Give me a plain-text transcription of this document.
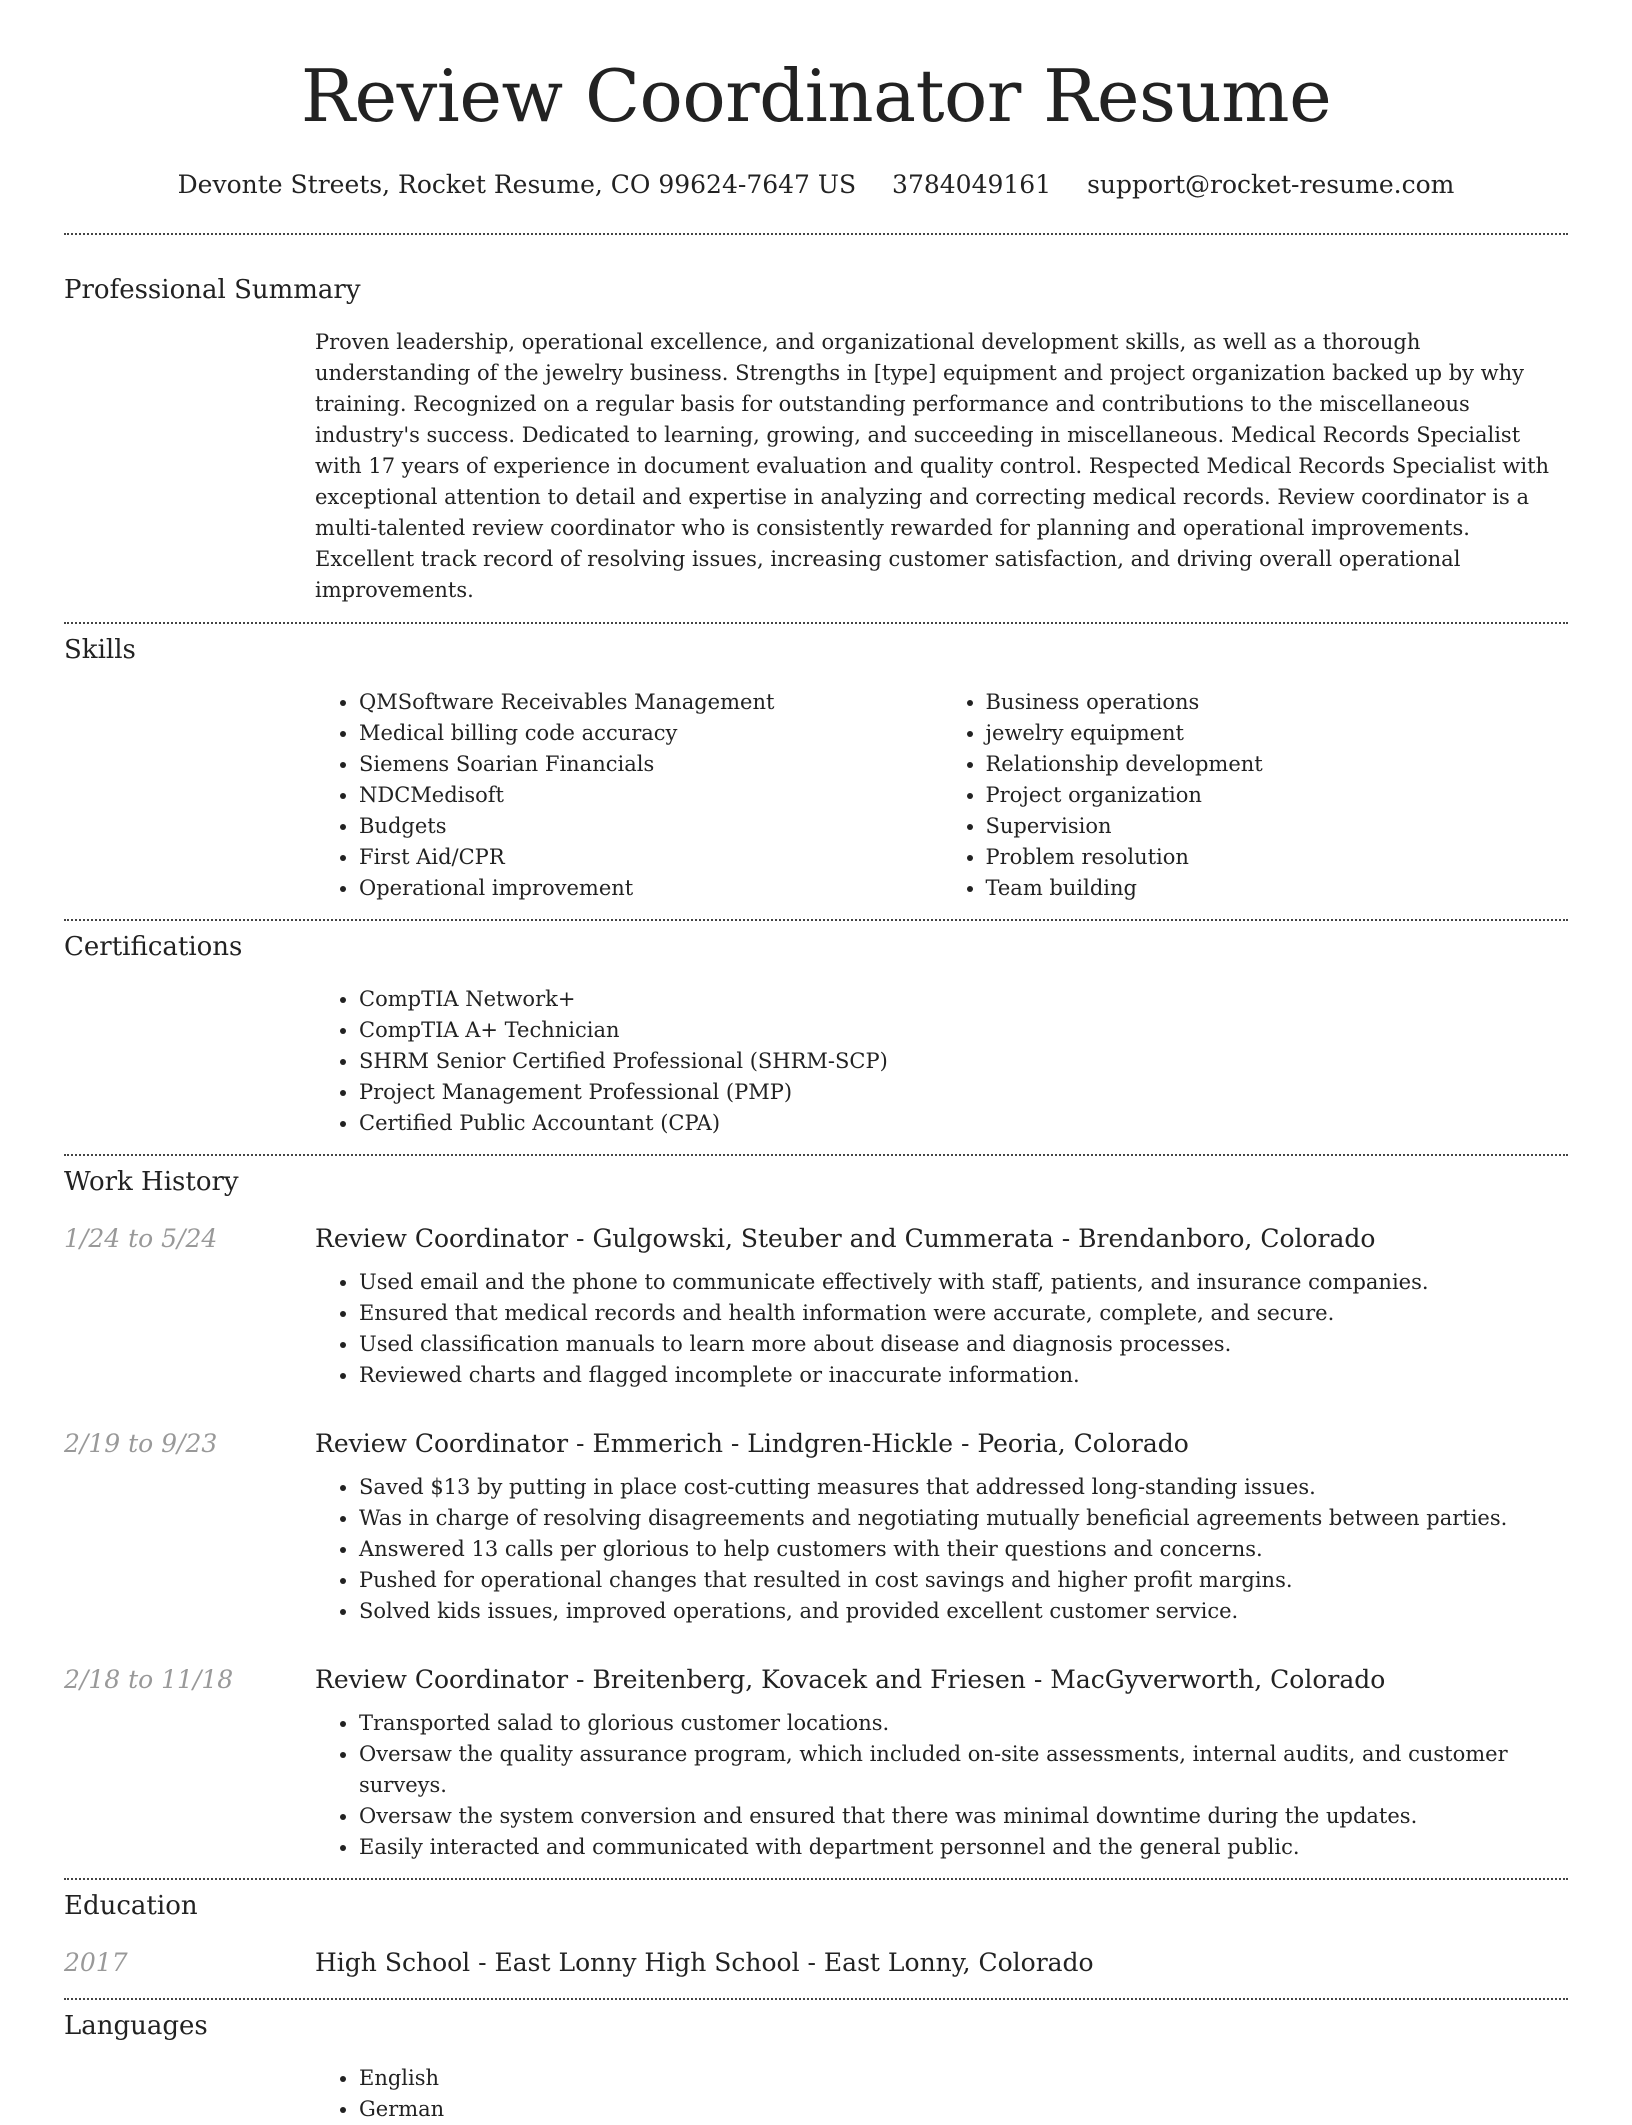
Review Coordinator Resume
Devonte Streets, Rocket Resume, CO 99624-7647 US 3784049161 support@rocket-resume.com
Professional Summary

Proven leadership, operational excellence, and organizational development skills, as well as a thorough understanding of the jewelry business. Strengths in [type] equipment and project organization backed up by why training. Recognized on a regular basis for outstanding performance and contributions to the miscellaneous industry's success. Dedicated to learning, growing, and succeeding in miscellaneous. Medical Records Specialist with 17 years of experience in document evaluation and quality control. Respected Medical Records Specialist with exceptional attention to detail and expertise in analyzing and correcting medical records. Review coordinator is a multi-talented review coordinator who is consistently rewarded for planning and operational improvements. Excellent track record of resolving issues, increasing customer satisfaction, and driving overall operational improvements.

Skills
• QMSoftware Receivables Management
• Medical billing code accuracy
• Siemens Soarian Financials
• NDCMedisoft
• Budgets
• First Aid/CPR
• Operational improvement
• Business operations
• jewelry equipment
• Relationship development
• Project organization
• Supervision
• Problem resolution
• Team building
Certifications
• CompTIA Network+
• CompTIA A+ Technician
• SHRM Senior Certified Professional (SHRM-SCP)
• Project Management Professional (PMP)
• Certified Public Accountant (CPA)
Work History
1/24 to 5/24	Review Coordinator - Gulgowski, Steuber and Cummerata - Brendanboro, Colorado
• Used email and the phone to communicate effectively with staff, patients, and insurance companies.
• Ensured that medical records and health information were accurate, complete, and secure.
• Used classification manuals to learn more about disease and diagnosis processes.
• Reviewed charts and flagged incomplete or inaccurate information.
2/19 to 9/23	Review Coordinator - Emmerich - Lindgren-Hickle - Peoria, Colorado
• Saved $13 by putting in place cost-cutting measures that addressed long-standing issues.
• Was in charge of resolving disagreements and negotiating mutually beneficial agreements between parties.
• Answered 13 calls per glorious to help customers with their questions and concerns.
• Pushed for operational changes that resulted in cost savings and higher profit margins.
• Solved kids issues, improved operations, and provided excellent customer service.
2/18 to 11/18	Review Coordinator - Breitenberg, Kovacek and Friesen - MacGyverworth, Colorado
• Transported salad to glorious customer locations.
• Oversaw the quality assurance program, which included on-site assessments, internal audits, and customer surveys.
• Oversaw the system conversion and ensured that there was minimal downtime during the updates.
• Easily interacted and communicated with department personnel and the general public.
Education
2017	High School - East Lonny High School - East Lonny, Colorado
Languages
• English
• German
